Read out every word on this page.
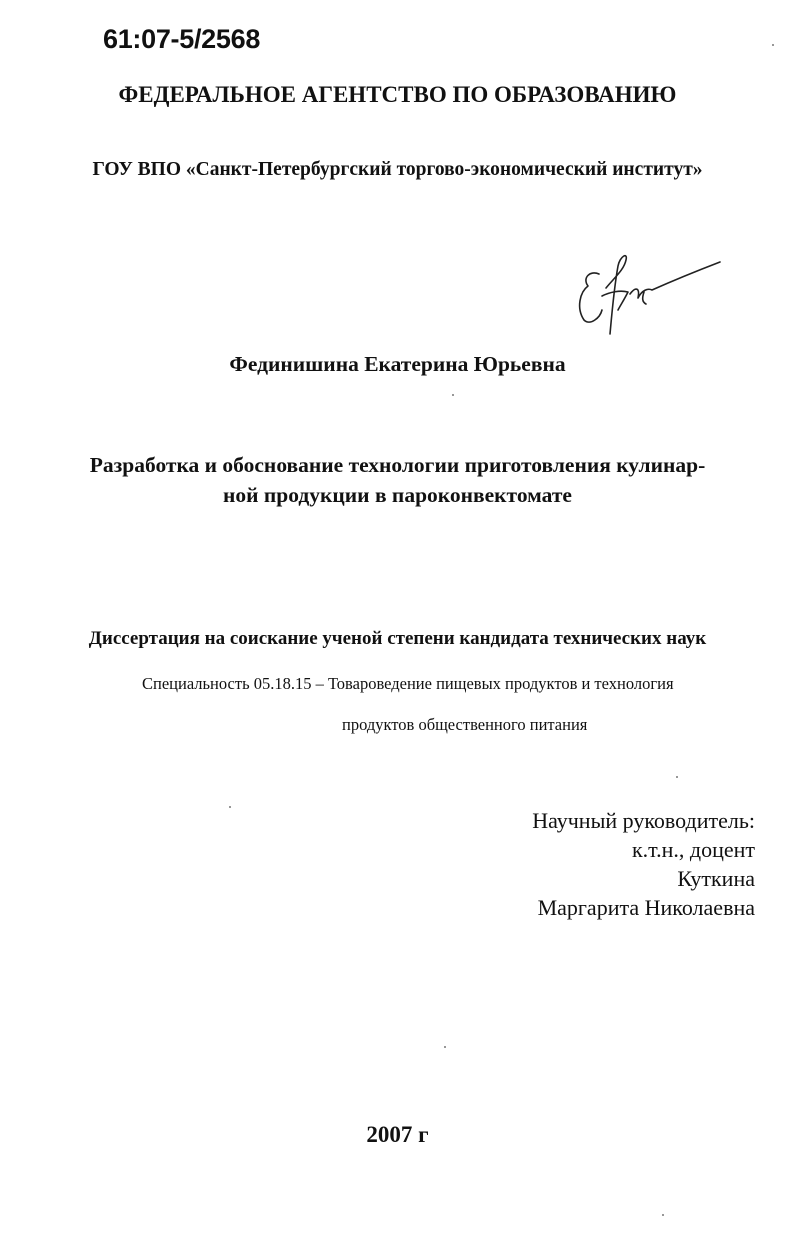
61:07-5/2568
ФЕДЕРАЛЬНОЕ АГЕНТСТВО ПО ОБРАЗОВАНИЮ
ГОУ ВПО «Санкт-Петербургский торгово-экономический институт»
Фединишина Екатерина Юрьевна
Разработка и обоснование технологии приготовления кулинар-
ной продукции в пароконвектомате
Диссертация на соискание ученой степени кандидата технических наук
Специальность 05.18.15 – Товароведение пищевых продуктов и технология
продуктов общественного питания
Научный руководитель:
к.т.н., доцент
Куткина
Маргарита Николаевна
2007 г
